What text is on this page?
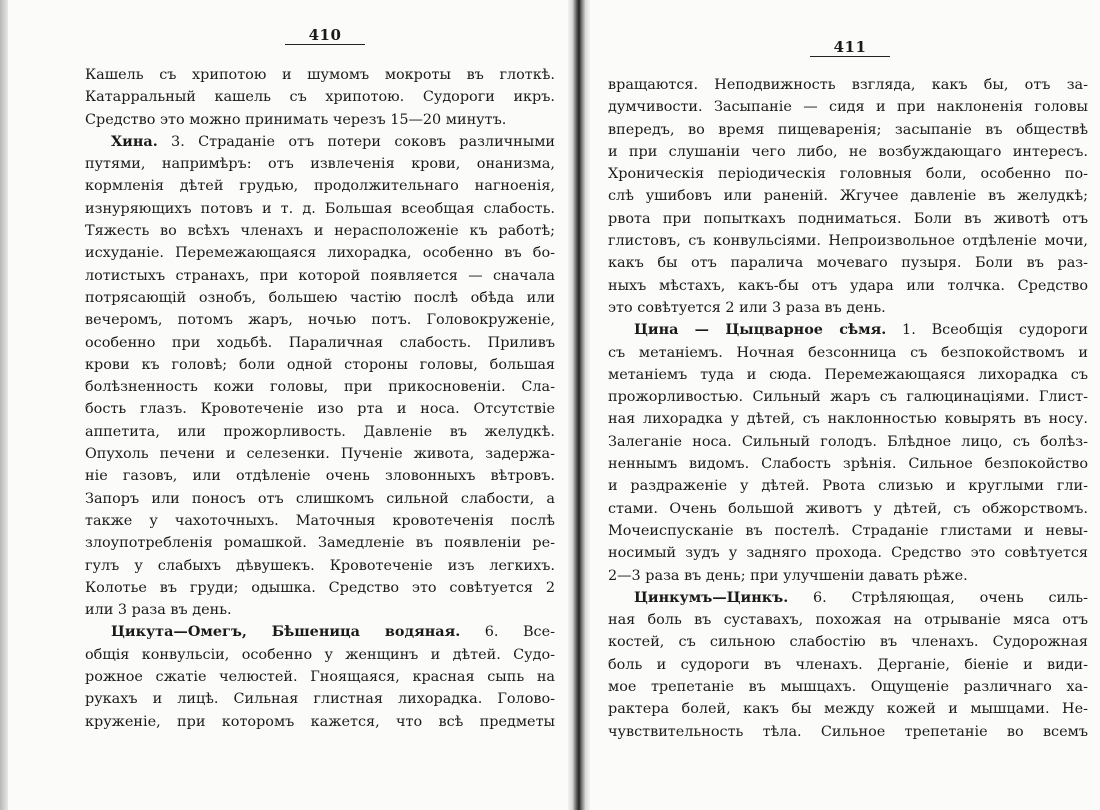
410
Кашель съ хрипотою и шумомъ мокроты въ глоткѣ.
Катарральный кашель съ хрипотою. Судороги икръ.
Средство это можно принимать черезъ 15—20 минутъ.
Хина. 3. Страданіе отъ потери соковъ различными
путями, напримѣръ: отъ извлеченія крови, онанизма,
кормленія дѣтей грудью, продолжительнаго нагноенія,
изнуряющихъ потовъ и т. д. Большая всеобщая слабость.
Тяжесть во всѣхъ членахъ и нерасположеніе къ работѣ;
исхуданіе. Перемежающаяся лихорадка, особенно въ бо-
лотистыхъ странахъ, при которой появляется — сначала
потрясающій ознобъ, большею частію послѣ обѣда или
вечеромъ, потомъ жаръ, ночью потъ. Головокруженіе,
особенно при ходьбѣ. Параличная слабость. Приливъ
крови къ головѣ; боли одной стороны головы, большая
болѣзненность кожи головы, при прикосновеніи. Сла-
бость глазъ. Кровотеченіе изо рта и носа. Отсутствіе
аппетита, или прожорливость. Давленіе въ желудкѣ.
Опухоль печени и селезенки. Пученіе живота, задержа-
ніе газовъ, или отдѣленіе очень зловонныхъ вѣтровъ.
Запоръ или поносъ отъ слишкомъ сильной слабости, а
также у чахоточныхъ. Маточныя кровотеченія послѣ
злоупотребленія ромашкой. Замедленіе въ появленіи ре-
гулъ у слабыхъ дѣвушекъ. Кровотеченіе изъ легкихъ.
Колотье въ груди; одышка. Средство это совѣтуется 2
или 3 раза въ день.
Цикута—Омегъ, Бѣшеница водяная. 6. Все-
общія конвульсіи, особенно у женщинъ и дѣтей. Судо-
рожное сжатіе челюстей. Гноящаяся, красная сыпь на
рукахъ и лицѣ. Сильная глистная лихорадка. Голово-
круженіе, при которомъ кажется, что всѣ предметы
411
вращаются. Неподвижность взгляда, какъ бы, отъ за-
думчивости. Засыпаніе — сидя и при наклоненія головы
впередъ, во время пищеваренія; засыпаніе въ обществѣ
и при слушаніи чего либо, не возбуждающаго интересъ.
Хроническія періодическія головныя боли, особенно по-
слѣ ушибовъ или раненій. Жгучее давленіе въ желудкѣ;
рвота при попыткахъ подниматься. Боли въ животѣ отъ
глистовъ, съ конвульсіями. Непроизвольное отдѣленіе мочи,
какъ бы отъ паралича мочеваго пузыря. Боли въ раз-
ныхъ мѣстахъ, какъ-бы отъ удара или толчка. Средство
это совѣтуется 2 или 3 раза въ день.
Цина — Цыцварное сѣмя. 1. Всеобщія судороги
съ метаніемъ. Ночная безсонница съ безпокойствомъ и
метаніемъ туда и сюда. Перемежающаяся лихорадка съ
прожорливостью. Сильный жаръ съ галюцинаціями. Глист-
ная лихорадка у дѣтей, съ наклонностью ковырять въ носу.
Залеганіе носа. Сильный голодъ. Блѣдное лицо, съ болѣз-
неннымъ видомъ. Слабость зрѣнія. Сильное безпокойство
и раздраженіе у дѣтей. Рвота слизью и круглыми гли-
стами. Очень большой животъ у дѣтей, съ обжорствомъ.
Мочеиспусканіе въ постелѣ. Страданіе глистами и невы-
носимый зудъ у задняго прохода. Средство это совѣтуется
2—3 раза въ день; при улучшеніи давать рѣже.
Цинкумъ—Цинкъ. 6. Стрѣляющая, очень силь-
ная боль въ суставахъ, похожая на отрываніе мяса отъ
костей, съ сильною слабостію въ членахъ. Судорожная
боль и судороги въ членахъ. Дерганіе, біеніе и види-
мое трепетаніе въ мышцахъ. Ощущеніе различнаго ха-
рактера болей, какъ бы между кожей и мышцами. Не-
чувствительность тѣла. Сильное трепетаніе во всемъ
